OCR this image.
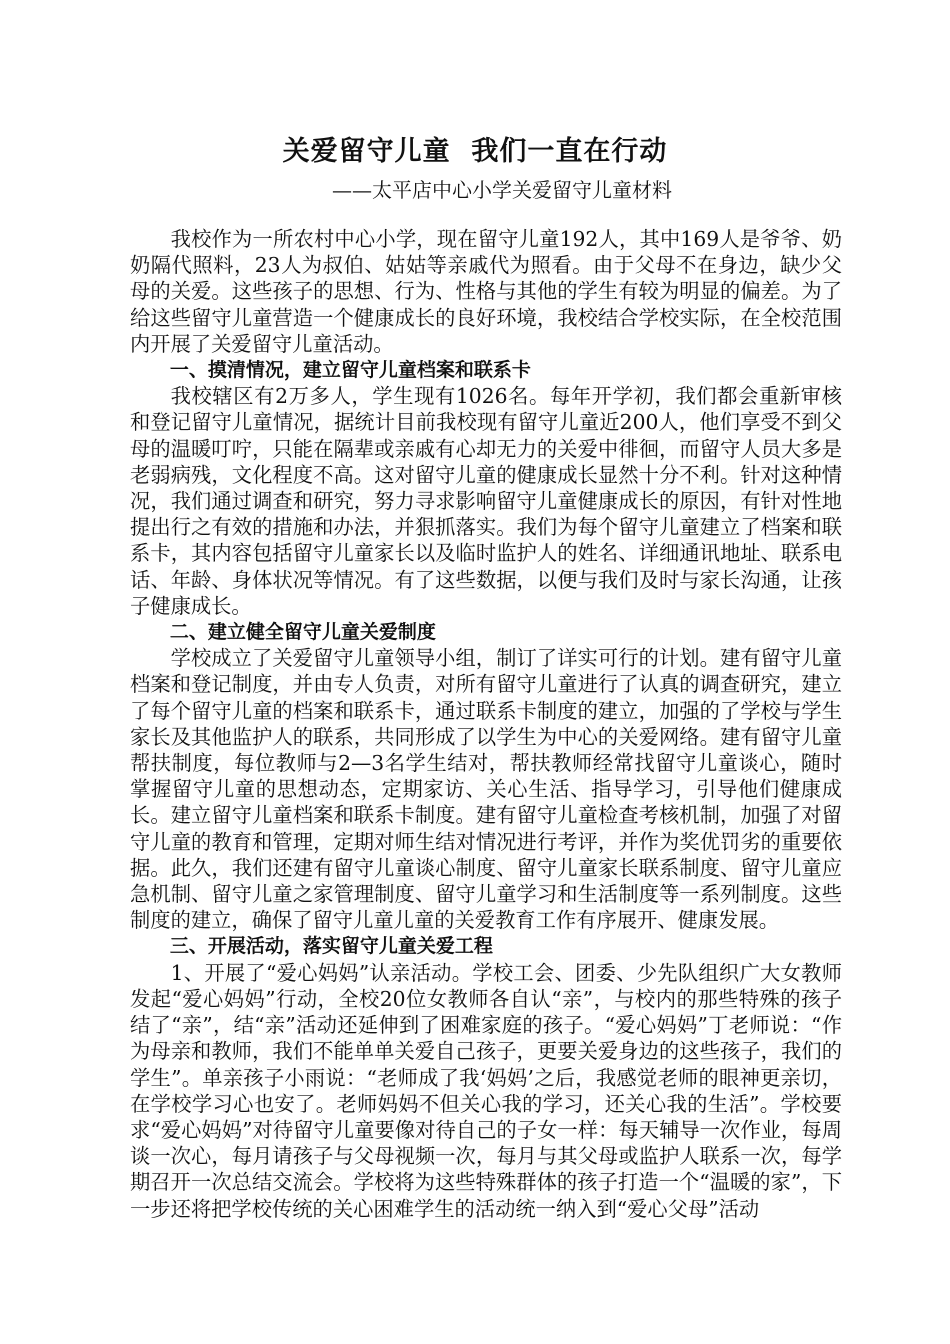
关爱留守儿童  我们一直在行动
——太平店中心小学关爱留守儿童材料

我校作为一所农村中心小学，现在留守儿童192人，其中169人是爷爷、奶奶隔代照料，23人为叔伯、姑姑等亲戚代为照看。由于父母不在身边，缺少父母的关爱。这些孩子的思想、行为、性格与其他的学生有较为明显的偏差。为了给这些留守儿童营造一个健康成长的良好环境，我校结合学校实际，在全校范围内开展了关爱留守儿童活动。

一、摸清情况，建立留守儿童档案和联系卡

我校辖区有2万多人，学生现有1026名。每年开学初，我们都会重新审核和登记留守儿童情况，据统计目前我校现有留守儿童近200人，他们享受不到父母的温暖叮咛，只能在隔辈或亲戚有心却无力的关爱中徘徊，而留守人员大多是老弱病残，文化程度不高。这对留守儿童的健康成长显然十分不利。针对这种情况，我们通过调查和研究，努力寻求影响留守儿童健康成长的原因，有针对性地提出行之有效的措施和办法，并狠抓落实。我们为每个留守儿童建立了档案和联系卡，其内容包括留守儿童家长以及临时监护人的姓名、详细通讯地址、联系电话、年龄、身体状况等情况。有了这些数据，以便与我们及时与家长沟通，让孩子健康成长。

二、建立健全留守儿童关爱制度

学校成立了关爱留守儿童领导小组，制订了详实可行的计划。建有留守儿童档案和登记制度，并由专人负责，对所有留守儿童进行了认真的调查研究，建立了每个留守儿童的档案和联系卡，通过联系卡制度的建立，加强的了学校与学生家长及其他监护人的联系，共同形成了以学生为中心的关爱网络。建有留守儿童帮扶制度，每位教师与2—3名学生结对，帮扶教师经常找留守儿童谈心，随时掌握留守儿童的思想动态，定期家访、关心生活、指导学习，引导他们健康成长。建立留守儿童档案和联系卡制度。建有留守儿童检查考核机制，加强了对留守儿童的教育和管理，定期对师生结对情况进行考评，并作为奖优罚劣的重要依据。此久，我们还建有留守儿童谈心制度、留守儿童家长联系制度、留守儿童应急机制、留守儿童之家管理制度、留守儿童学习和生活制度等一系列制度。这些制度的建立，确保了留守儿童儿童的关爱教育工作有序展开、健康发展。

三、开展活动，落实留守儿童关爱工程

1、开展了“爱心妈妈”认亲活动。学校工会、团委、少先队组织广大女教师发起“爱心妈妈”行动，全校20位女教师各自认“亲”，与校内的那些特殊的孩子结了“亲”，结“亲”活动还延伸到了困难家庭的孩子。“爱心妈妈”丁老师说：“作为母亲和教师，我们不能单单关爱自己孩子，更要关爱身边的这些孩子，我们的学生”。单亲孩子小雨说：“老师成了我‘妈妈’之后，我感觉老师的眼神更亲切，在学校学习心也安了。老师妈妈不但关心我的学习，还关心我的生活”。学校要求“爱心妈妈”对待留守儿童要像对待自己的子女一样：每天辅导一次作业，每周谈一次心，每月请孩子与父母视频一次，每月与其父母或监护人联系一次，每学期召开一次总结交流会。学校将为这些特殊群体的孩子打造一个“温暖的家”，下一步还将把学校传统的关心困难学生的活动统一纳入到“爱心父母”活动
